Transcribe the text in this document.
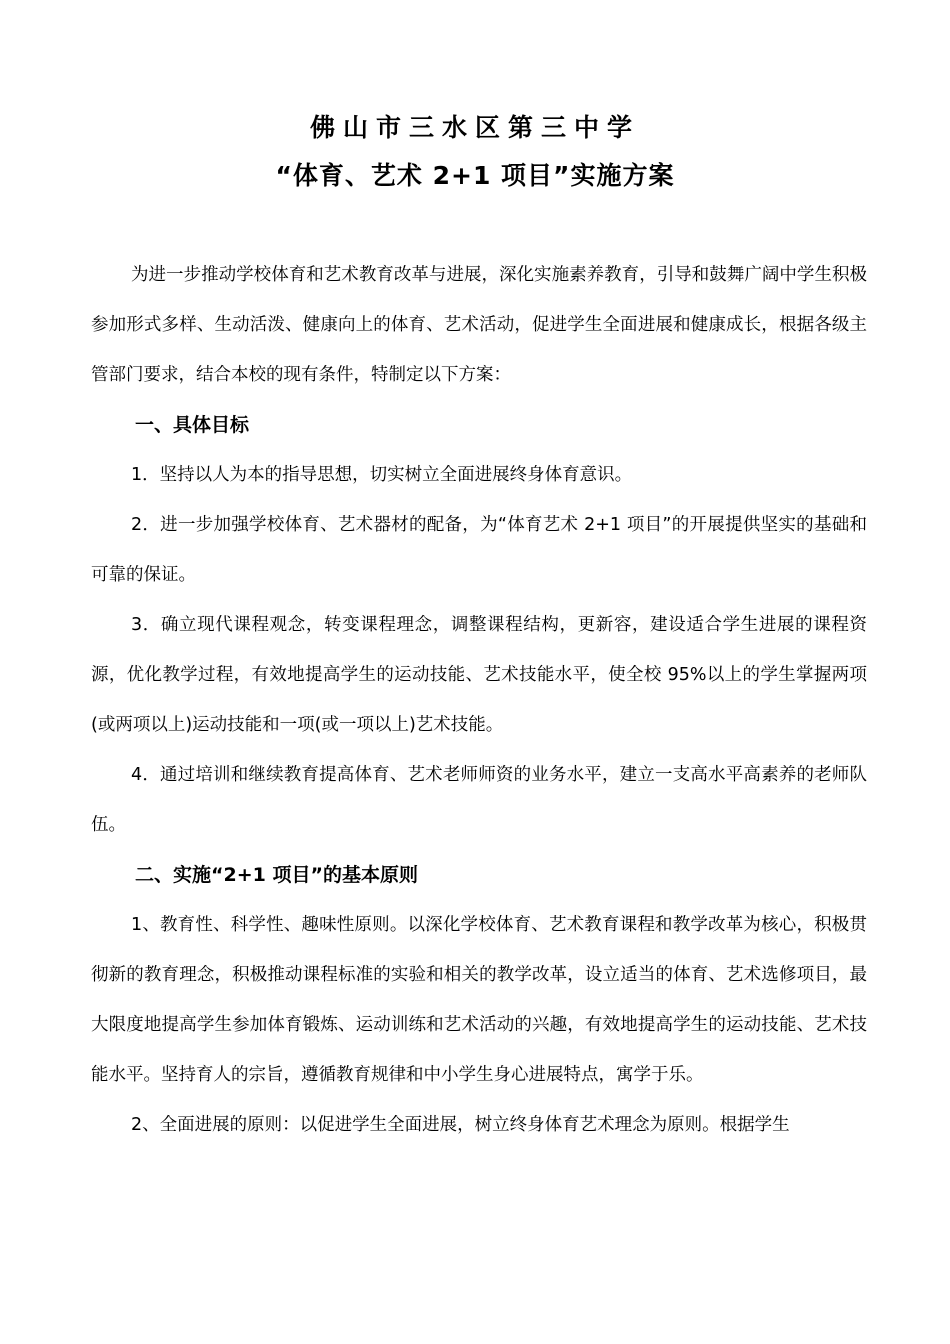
佛山市三水区第三中学
“体育、艺术 2+1 项目”实施方案

为进一步推动学校体育和艺术教育改革与进展，深化实施素养教育，引导和鼓舞广阔中学生积极参加形式多样、生动活泼、健康向上的体育、艺术活动，促进学生全面进展和健康成长，根据各级主管部门要求，结合本校的现有条件，特制定以下方案：

一、具体目标

1．坚持以人为本的指导思想，切实树立全面进展终身体育意识。

2．进一步加强学校体育、艺术器材的配备，为“体育艺术 2+1 项目”的开展提供坚实的基础和可靠的保证。

3．确立现代课程观念，转变课程理念，调整课程结构，更新容，建设适合学生进展的课程资源，优化教学过程，有效地提高学生的运动技能、艺术技能水平，使全校 95%以上的学生掌握两项(或两项以上)运动技能和一项(或一项以上)艺术技能。

4．通过培训和继续教育提高体育、艺术老师师资的业务水平，建立一支高水平高素养的老师队伍。

二、实施“2+1 项目”的基本原则

1、教育性、科学性、趣味性原则。以深化学校体育、艺术教育课程和教学改革为核心，积极贯彻新的教育理念，积极推动课程标准的实验和相关的教学改革，设立适当的体育、艺术选修项目，最大限度地提高学生参加体育锻炼、运动训练和艺术活动的兴趣，有效地提高学生的运动技能、艺术技能水平。坚持育人的宗旨，遵循教育规律和中小学生身心进展特点，寓学于乐。

2、全面进展的原则：以促进学生全面进展，树立终身体育艺术理念为原则。根据学生
